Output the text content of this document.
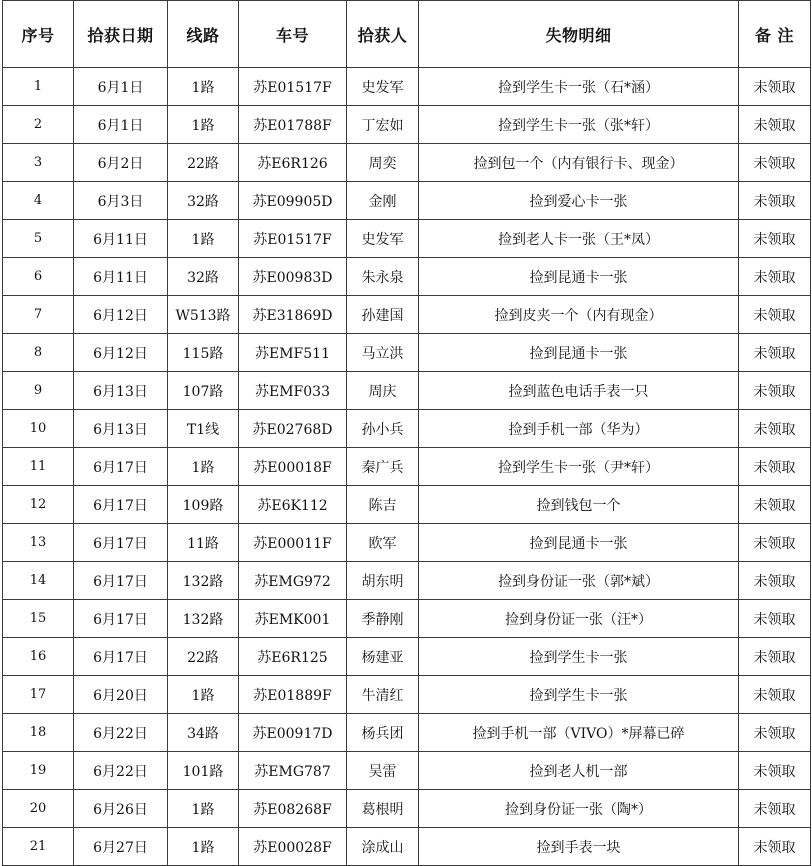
序号	拾获日期	线路	车号	拾获人	失物明细	备 注
1	6月1日	1路	苏E01517F	史发军	捡到学生卡一张（石*涵）	未领取
2	6月1日	1路	苏E01788F	丁宏如	捡到学生卡一张（张*轩）	未领取
3	6月2日	22路	苏E6R126	周奕	捡到包一个（内有银行卡、现金）	未领取
4	6月3日	32路	苏E09905D	金刚	捡到爱心卡一张	未领取
5	6月11日	1路	苏E01517F	史发军	捡到老人卡一张（王*凤）	未领取
6	6月11日	32路	苏E00983D	朱永泉	捡到昆通卡一张	未领取
7	6月12日	W513路	苏E31869D	孙建国	捡到皮夹一个（内有现金）	未领取
8	6月12日	115路	苏EMF511	马立洪	捡到昆通卡一张	未领取
9	6月13日	107路	苏EMF033	周庆	捡到蓝色电话手表一只	未领取
10	6月13日	T1线	苏E02768D	孙小兵	捡到手机一部（华为）	未领取
11	6月17日	1路	苏E00018F	秦广兵	捡到学生卡一张（尹*轩）	未领取
12	6月17日	109路	苏E6K112	陈吉	捡到钱包一个	未领取
13	6月17日	11路	苏E00011F	欧军	捡到昆通卡一张	未领取
14	6月17日	132路	苏EMG972	胡东明	捡到身份证一张（郭*斌）	未领取
15	6月17日	132路	苏EMK001	季静刚	捡到身份证一张（汪*）	未领取
16	6月17日	22路	苏E6R125	杨建亚	捡到学生卡一张	未领取
17	6月20日	1路	苏E01889F	牛清红	捡到学生卡一张	未领取
18	6月22日	34路	苏E00917D	杨兵团	捡到手机一部（VIVO）*屏幕已碎	未领取
19	6月22日	101路	苏EMG787	吴雷	捡到老人机一部	未领取
20	6月26日	1路	苏E08268F	葛根明	捡到身份证一张（陶*）	未领取
21	6月27日	1路	苏E00028F	涂成山	捡到手表一块	未领取
